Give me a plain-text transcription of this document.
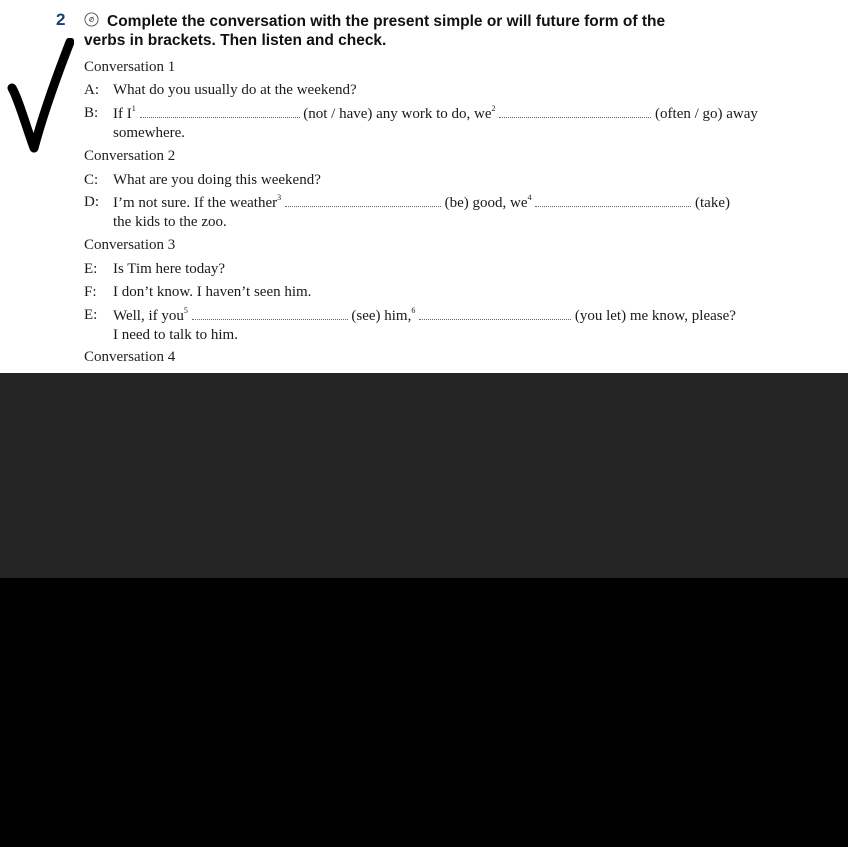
2	Complete the conversation with the present simple or will future form of the
verbs in brackets. Then listen and check.
Conversation 1
A: What do you usually do at the weekend?
B: If $I^1$	(not / have) any work to do, $we^2$	(often / go) away
somewhere.
Conversation 2
C: What are you doing this weekend?
D: I’m not sure. If the weather$^3$	(be) good, $we^4$	(take)
the kids to the zoo.
Conversation 3
E: Is Tim here today?
F: I don’t know. I haven’t seen him.
E: Well, if you$^5$	(see) him,$^6$	(you let) me know, please?
I need to talk to him.
Conversation 4
